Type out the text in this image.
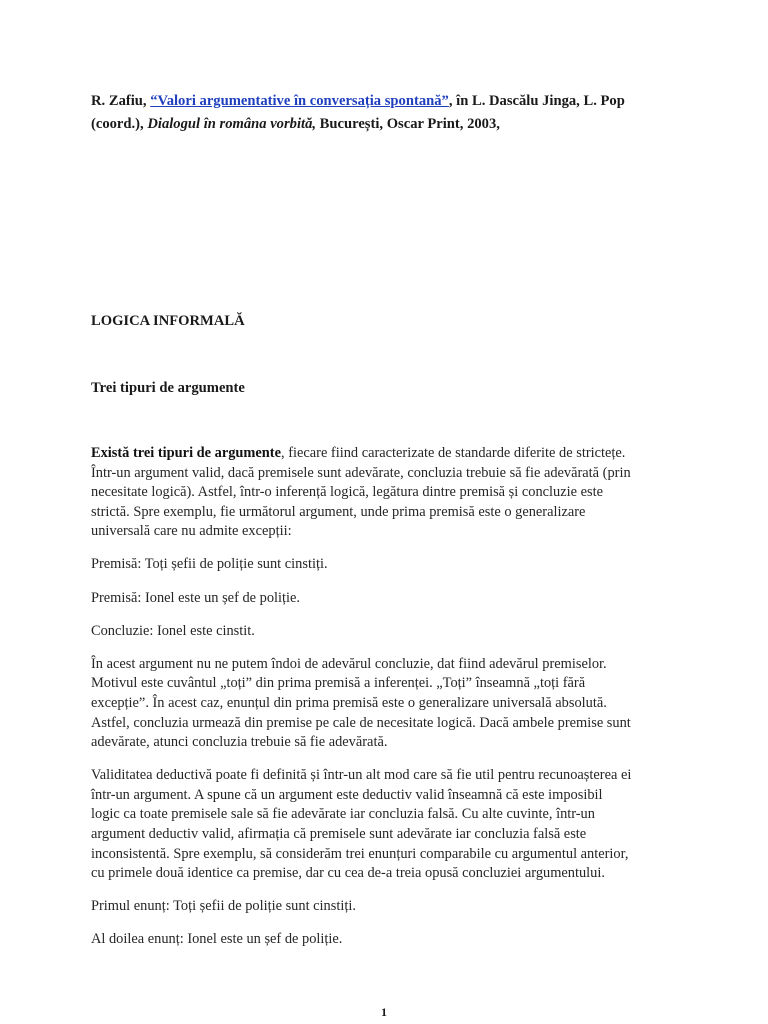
R. Zafiu, “Valori argumentative în conversația spontană”, în L. Dascălu Jinga, L. Pop
(coord.), Dialogul în româna vorbită, București, Oscar Print, 2003,
LOGICA INFORMALĂ
Trei tipuri de argumente

Există trei tipuri de argumente, fiecare fiind caracterizate de standarde diferite de strictețe.
Într-un argument valid, dacă premisele sunt adevărate, concluzia trebuie să fie adevărată (prin
necesitate logică). Astfel, într-o inferență logică, legătura dintre premisă și concluzie este
strictă. Spre exemplu, fie următorul argument, unde prima premisă este o generalizare
universală care nu admite excepții:

Premisă: Toți șefii de poliție sunt cinstiți.

Premisă: Ionel este un șef de poliție.

Concluzie: Ionel este cinstit.

În acest argument nu ne putem îndoi de adevărul concluzie, dat fiind adevărul premiselor.
Motivul este cuvântul „toți” din prima premisă a inferenței. „Toți” înseamnă „toți fără
excepție”. În acest caz, enunțul din prima premisă este o generalizare universală absolută.
Astfel, concluzia urmează din premise pe cale de necesitate logică. Dacă ambele premise sunt
adevărate, atunci concluzia trebuie să fie adevărată.

Validitatea deductivă poate fi definită și într-un alt mod care să fie util pentru recunoașterea ei
într-un argument. A spune că un argument este deductiv valid înseamnă că este imposibil
logic ca toate premisele sale să fie adevărate iar concluzia falsă. Cu alte cuvinte, într-un
argument deductiv valid, afirmația că premisele sunt adevărate iar concluzia falsă este
inconsistentă. Spre exemplu, să considerăm trei enunțuri comparabile cu argumentul anterior,
cu primele două identice ca premise, dar cu cea de-a treia opusă concluziei argumentului.

Primul enunț: Toți șefii de poliție sunt cinstiți.

Al doilea enunț: Ionel este un șef de poliție.

1
